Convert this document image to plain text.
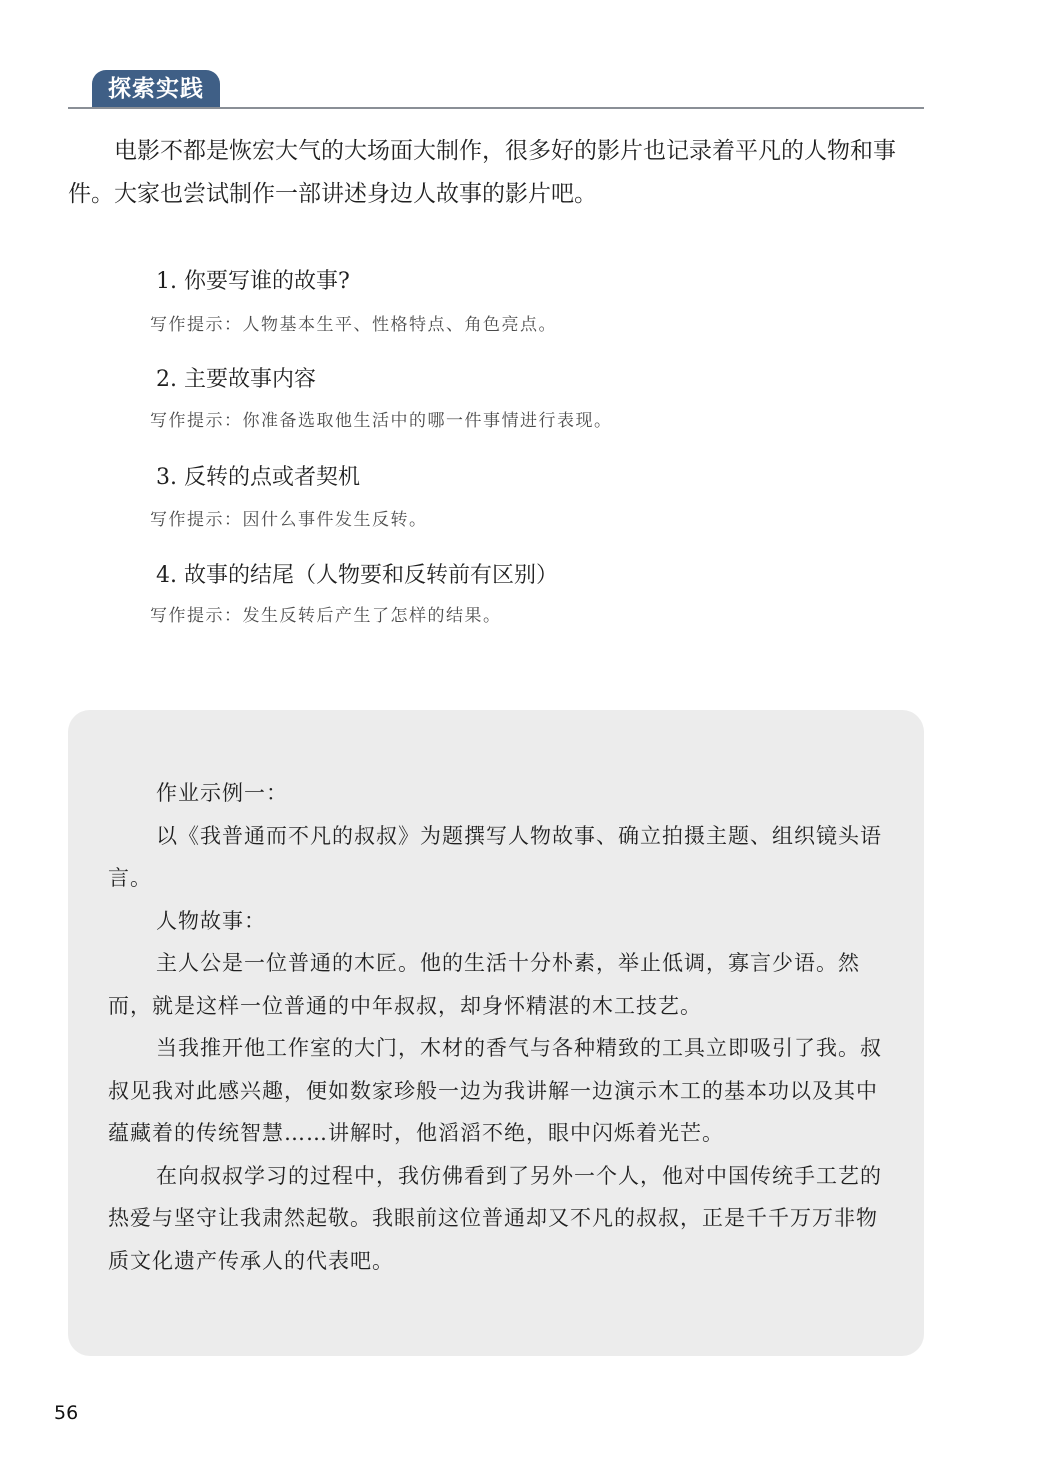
探索实践

电影不都是恢宏大气的大场面大制作，很多好的影片也记录着平凡的人物和事件。大家也尝试制作一部讲述身边人故事的影片吧。

1. 你要写谁的故事?

写作提示：人物基本生平、性格特点、角色亮点。

2. 主要故事内容

写作提示：你准备选取他生活中的哪一件事情进行表现。

3. 反转的点或者契机

写作提示：因什么事件发生反转。

4. 故事的结尾（人物要和反转前有区别）

写作提示：发生反转后产生了怎样的结果。

作业示例一：

以《我普通而不凡的叔叔》为题撰写人物故事、确立拍摄主题、组织镜头语言。

人物故事：

主人公是一位普通的木匠。他的生活十分朴素，举止低调，寡言少语。然而，就是这样一位普通的中年叔叔，却身怀精湛的木工技艺。

当我推开他工作室的大门，木材的香气与各种精致的工具立即吸引了我。叔叔见我对此感兴趣，便如数家珍般一边为我讲解一边演示木工的基本功以及其中蕴藏着的传统智慧……讲解时，他滔滔不绝，眼中闪烁着光芒。

在向叔叔学习的过程中，我仿佛看到了另外一个人，他对中国传统手工艺的热爱与坚守让我肃然起敬。我眼前这位普通却又不凡的叔叔，正是千千万万非物质文化遗产传承人的代表吧。

56
